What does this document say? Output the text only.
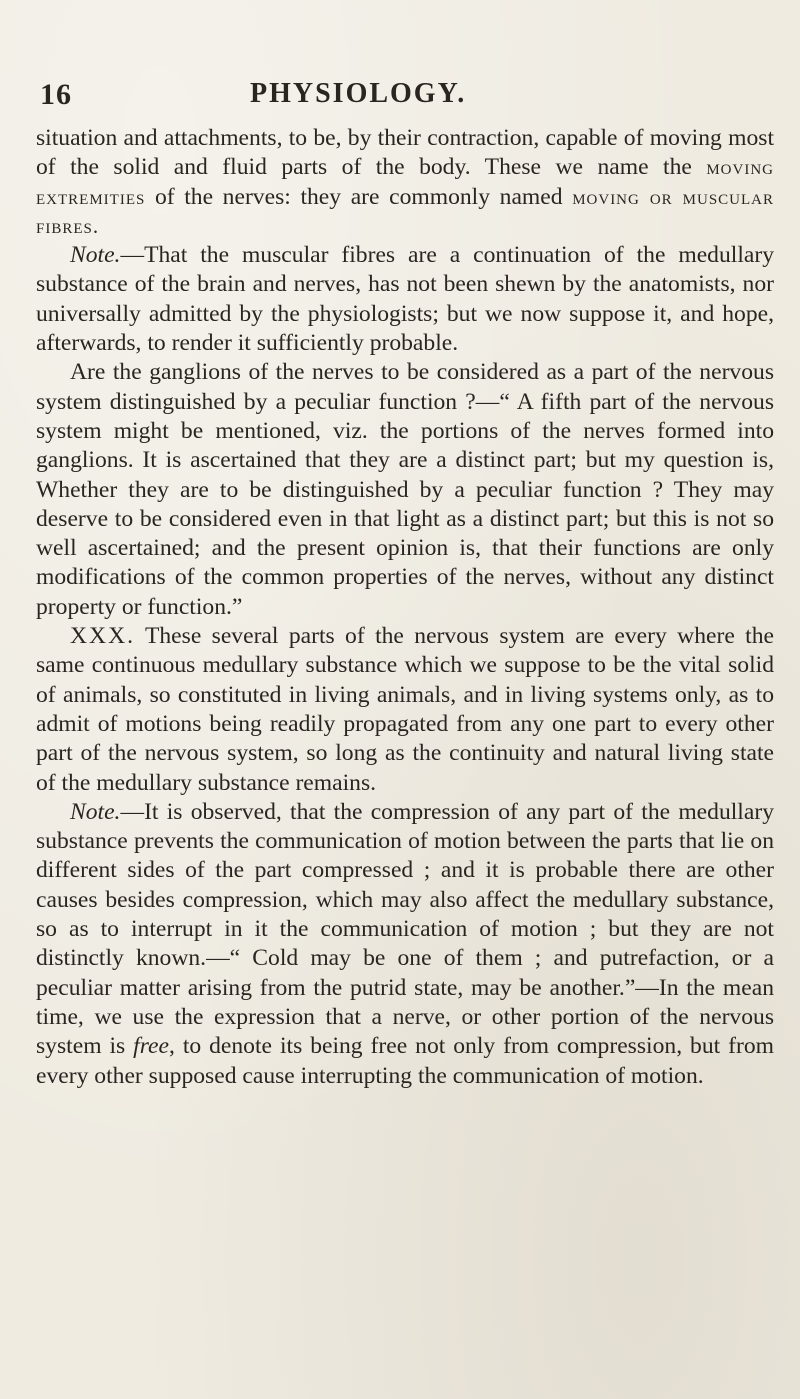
16	PHYSIOLOGY.

situation and attachments, to be, by their contraction, capable of moving most of the solid and fluid parts of the body. These we name the moving extremities of the nerves: they are commonly named moving or muscular fibres.

Note.—That the muscular fibres are a continuation of the medullary substance of the brain and nerves, has not been shewn by the anatomists, nor universally admitted by the physiologists; but we now suppose it, and hope, afterwards, to render it sufficiently probable.

Are the ganglions of the nerves to be considered as a part of the nervous system distinguished by a peculiar function ?—“ A fifth part of the nervous system might be mentioned, viz. the portions of the nerves formed into ganglions. It is ascertained that they are a distinct part; but my question is, Whether they are to be distinguished by a peculiar function ? They may deserve to be considered even in that light as a distinct part; but this is not so well ascertained; and the present opinion is, that their functions are only modifications of the common properties of the nerves, without any distinct property or function.”

XXX. These several parts of the nervous system are every where the same continuous medullary substance which we suppose to be the vital solid of animals, so constituted in living animals, and in living systems only, as to admit of motions being readily propagated from any one part to every other part of the nervous system, so long as the continuity and natural living state of the medullary substance remains.

Note.—It is observed, that the compression of any part of the medullary substance prevents the communication of motion between the parts that lie on different sides of the part compressed ; and it is probable there are other causes besides compression, which may also affect the medullary substance, so as to interrupt in it the communication of motion ; but they are not distinctly known.—“ Cold may be one of them ; and putrefaction, or a peculiar matter arising from the putrid state, may be another.”—In the mean time, we use the expression that a nerve, or other portion of the nervous system is free, to denote its being free not only from compression, but from every other supposed cause interrupting the communication of motion.
